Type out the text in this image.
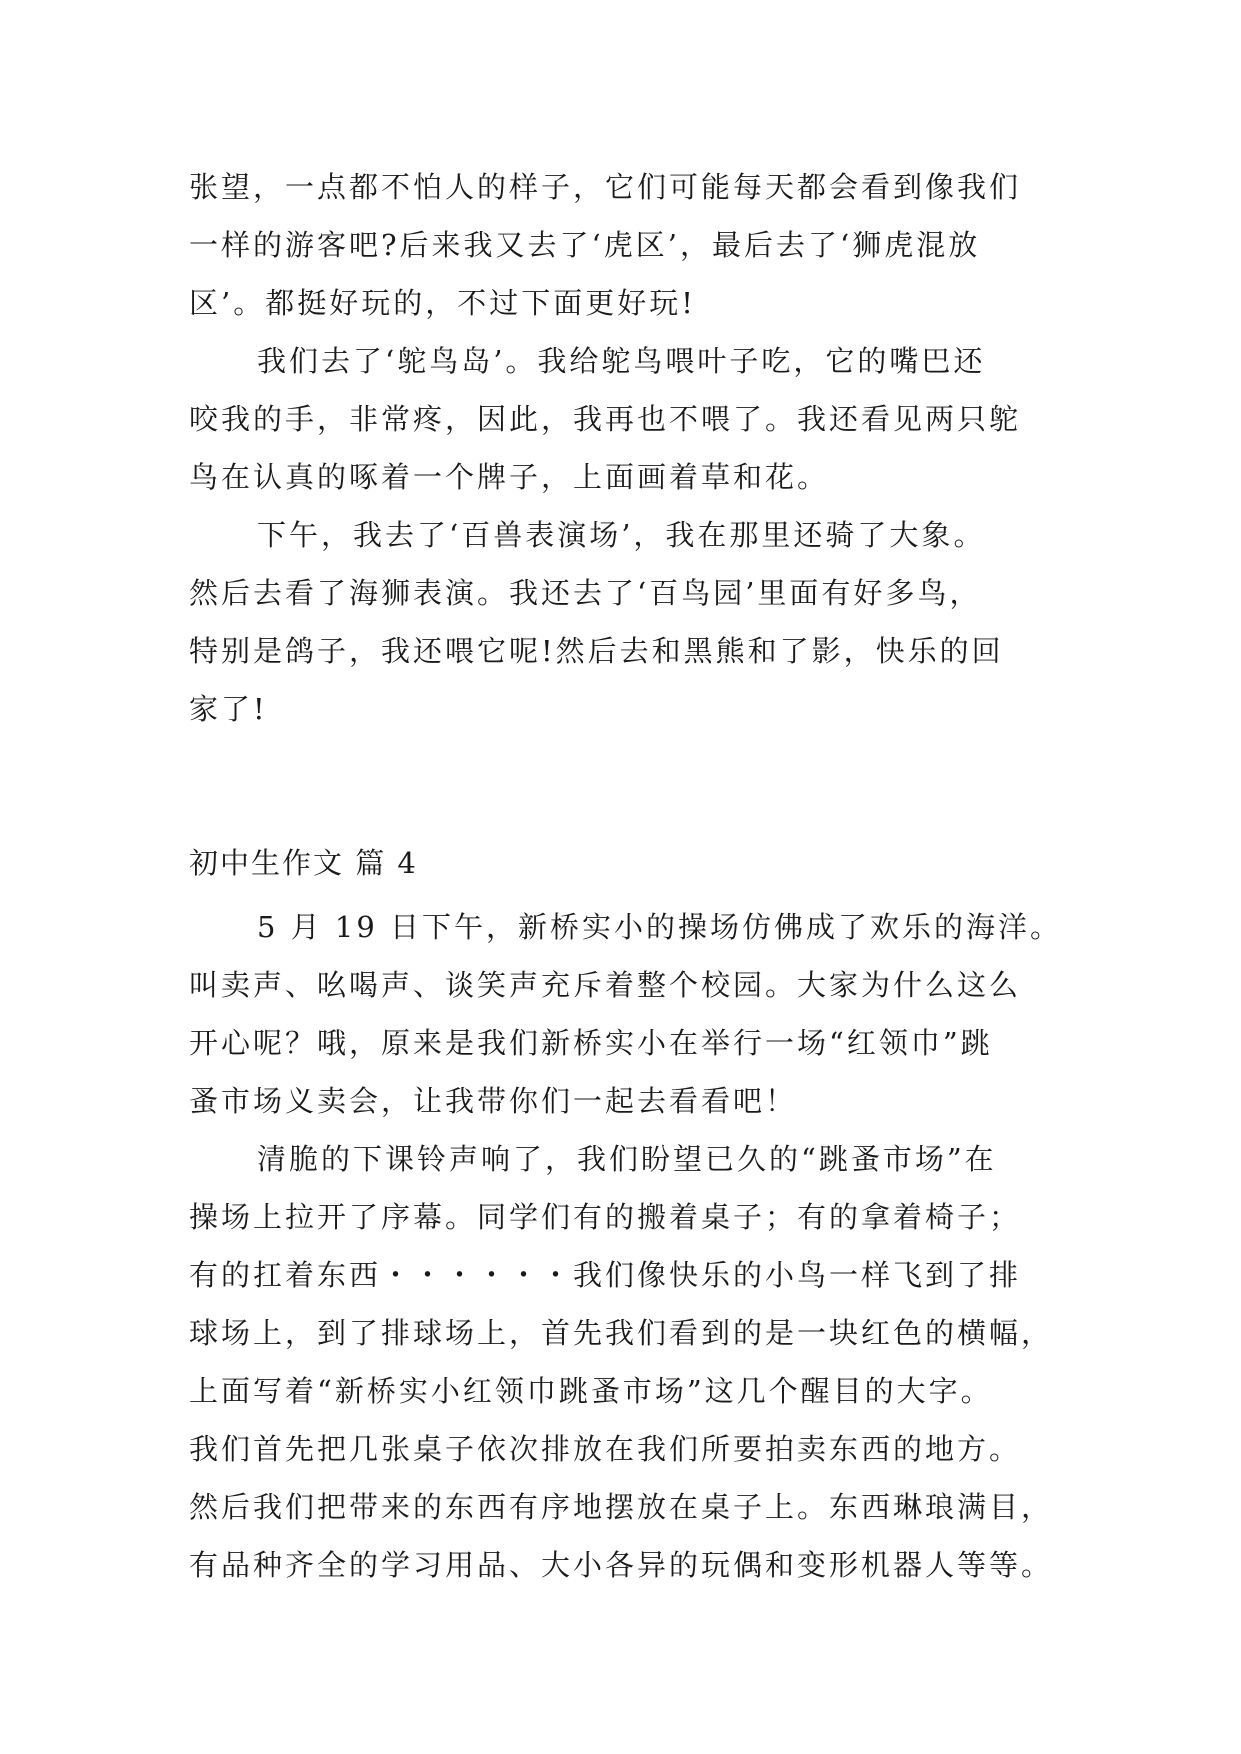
张望，一点都不怕人的样子，它们可能每天都会看到像我们
一样的游客吧?后来我又去了‘虎区’，最后去了‘狮虎混放
区’。都挺好玩的，不过下面更好玩!
我们去了‘鸵鸟岛’。我给鸵鸟喂叶子吃，它的嘴巴还
咬我的手，非常疼，因此，我再也不喂了。我还看见两只鸵
鸟在认真的啄着一个牌子，上面画着草和花。
下午，我去了‘百兽表演场’，我在那里还骑了大象。
然后去看了海狮表演。我还去了‘百鸟园’里面有好多鸟，
特别是鸽子，我还喂它呢!然后去和黑熊和了影，快乐的回
家了!
初中生作文 篇 4
5 月 19 日下午，新桥实小的操场仿佛成了欢乐的海洋。
叫卖声、吆喝声、谈笑声充斥着整个校园。大家为什么这么
开心呢？哦，原来是我们新桥实小在举行一场“红领巾”跳
蚤市场义卖会，让我带你们一起去看看吧！
清脆的下课铃声响了，我们盼望已久的“跳蚤市场”在
操场上拉开了序幕。同学们有的搬着桌子；有的拿着椅子；
有的扛着东西・・・・・・我们像快乐的小鸟一样飞到了排
球场上，到了排球场上，首先我们看到的是一块红色的横幅，
上面写着“新桥实小红领巾跳蚤市场”这几个醒目的大字。
我们首先把几张桌子依次排放在我们所要拍卖东西的地方。
然后我们把带来的东西有序地摆放在桌子上。东西琳琅满目，
有品种齐全的学习用品、大小各异的玩偶和变形机器人等等。
